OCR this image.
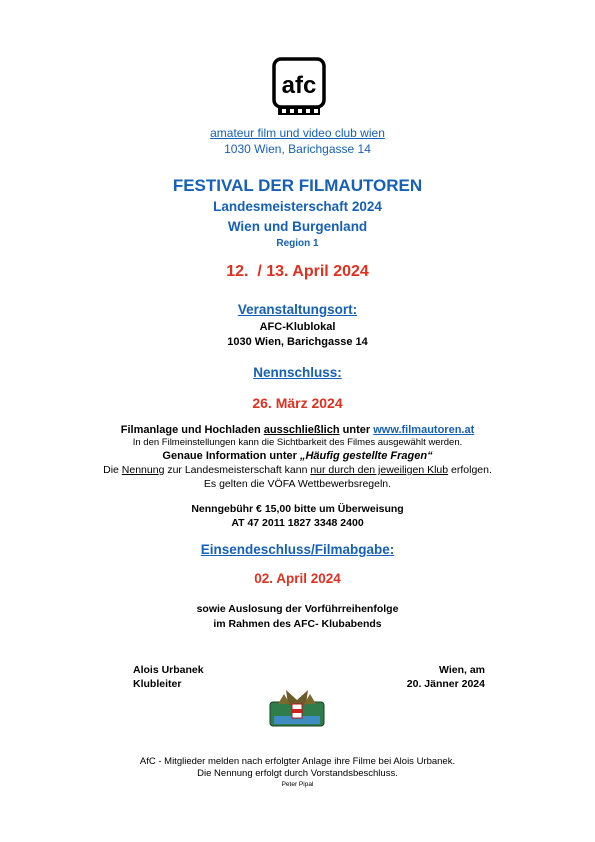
afc
amateur film und video club wien
1030 Wien, Barichgasse 14
FESTIVAL DER FILMAUTOREN
Landesmeisterschaft 2024
Wien und Burgenland
Region 1
12.  / 13. April 2024
Veranstaltungsort:
AFC-Klublokal
1030 Wien, Barichgasse 14
Nennschluss:
26. März 2024
Filmanlage und Hochladen ausschließlich unter www.filmautoren.at
In den Filmeinstellungen kann die Sichtbarkeit des Filmes ausgewählt werden.
Genaue Information unter „Häufig gestellte Fragen“
Die Nennung zur Landesmeisterschaft kann nur durch den jeweiligen Klub erfolgen.
Es gelten die VÖFA Wettbewerbsregeln.
Nenngebühr € 15,00 bitte um Überweisung
AT 47 2011 1827 3348 2400
Einsendeschluss/Filmabgabe:
02. April 2024
sowie Auslosung der Vorführreihenfolge
im Rahmen des AFC- Klubabends
Alois Urbanek
Klubleiter
Wien, am
20. Jänner 2024
AfC - Mitglieder melden nach erfolgter Anlage ihre Filme bei Alois Urbanek.
Die Nennung erfolgt durch Vorstandsbeschluss.
Peter Pipal
